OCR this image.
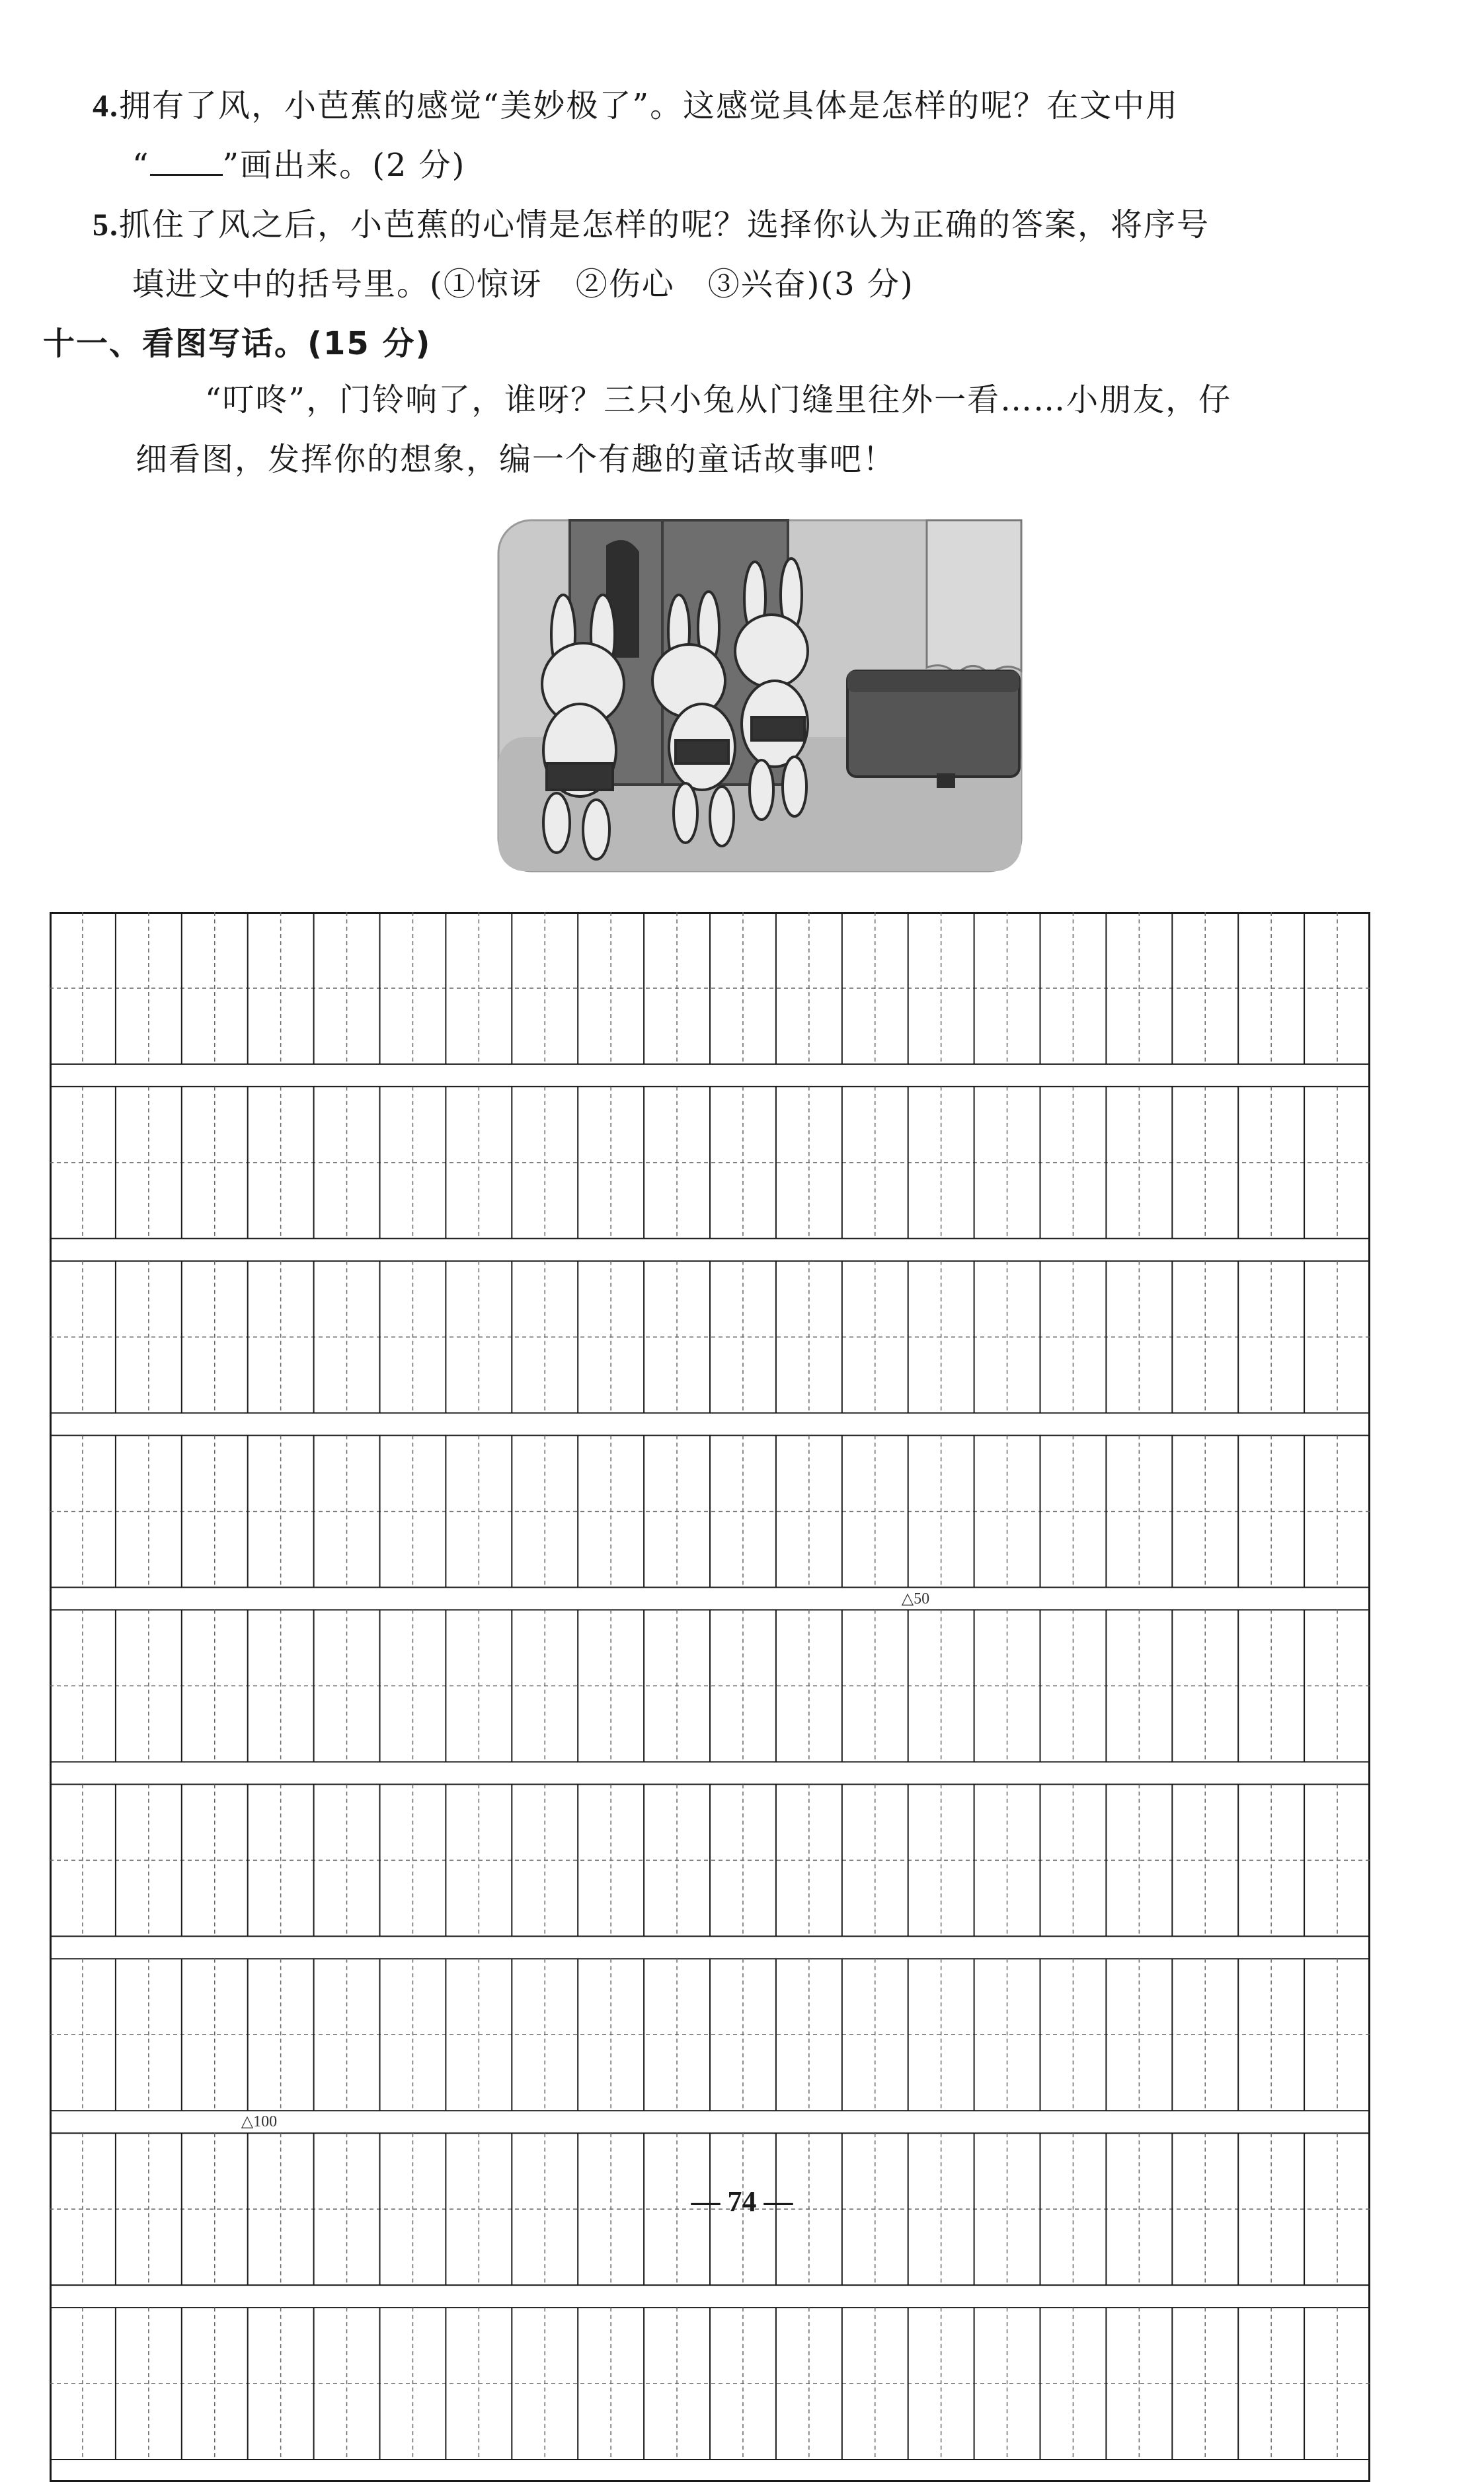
4.拥有了风，小芭蕉的感觉“美妙极了”。这感觉具体是怎样的呢？在文中用
“ ”画出来。(2 分)
5.抓住了风之后，小芭蕉的心情是怎样的呢？选择你认为正确的答案，将序号
填进文中的括号里。(①惊讶　②伤心　③兴奋)(3 分)
十一、看图写话。(15 分)
“叮咚”，门铃响了，谁呀？三只小兔从门缝里往外一看……小朋友，仔
细看图，发挥你的想象，编一个有趣的童话故事吧！
△50
△100
— 74 —
